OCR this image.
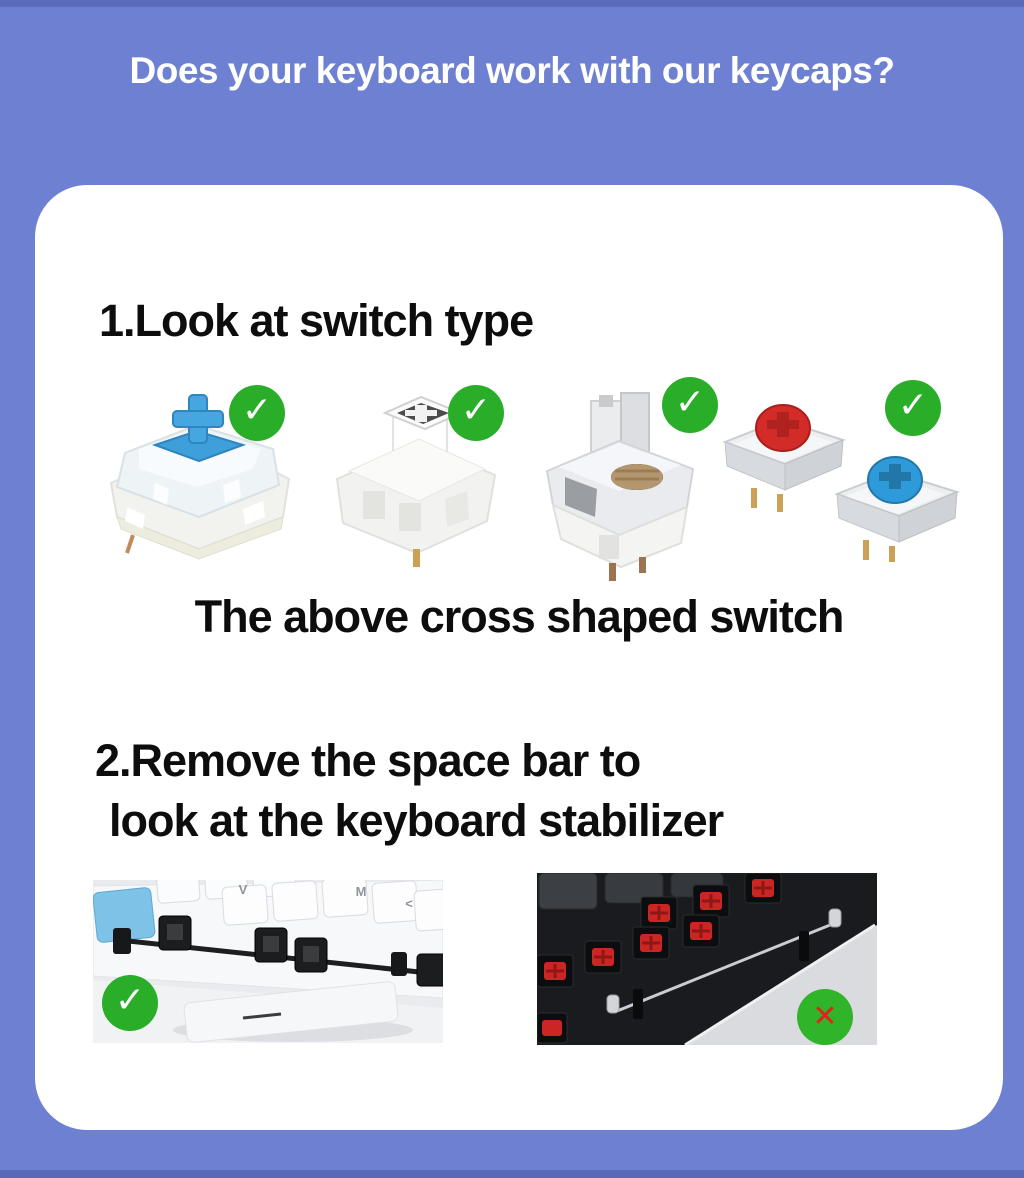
Does your keyboard work with our keycaps?
1.Look at switch type
✓	✓	✓	✓
The above cross shaped switch
2.Remove the space bar to
look at the keyboard stabilizer
V	M
<
✓	✕
